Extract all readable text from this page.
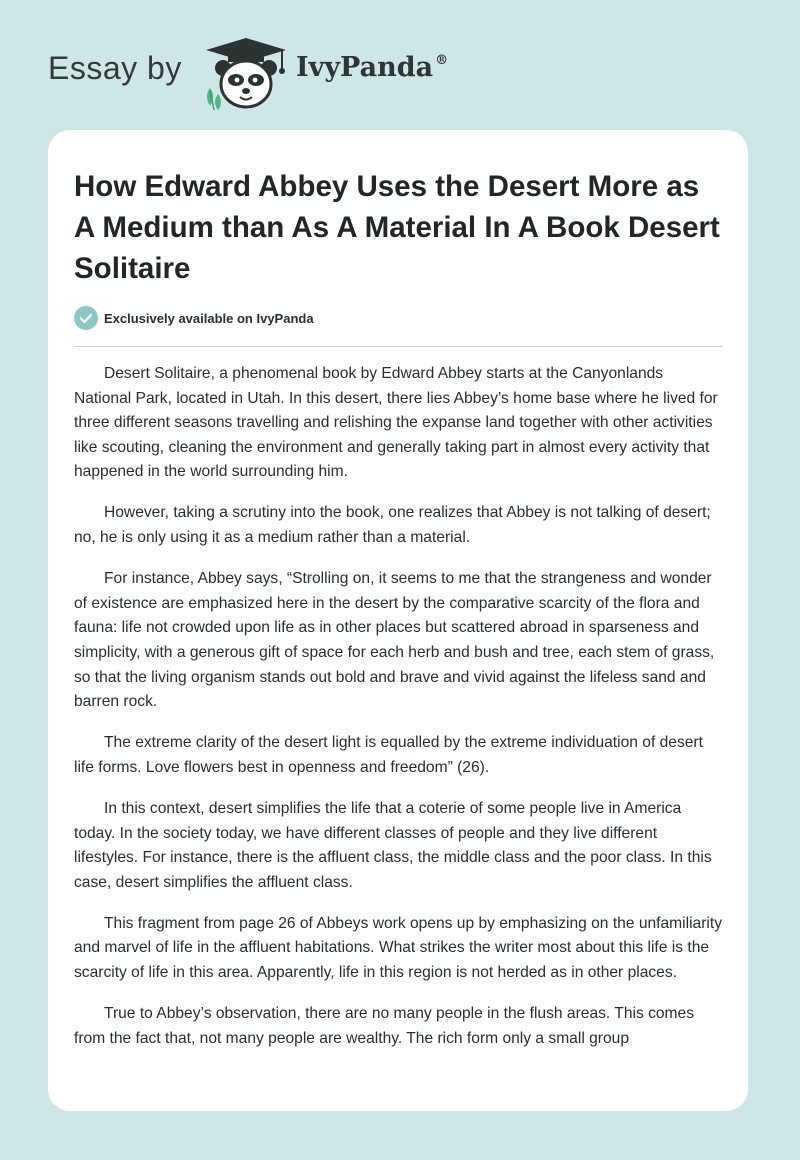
Essay by	IvyPanda ®
How Edward Abbey Uses the Desert More as A Medium than As A Material In A Book Desert Solitaire
Exclusively available on IvyPanda

Desert Solitaire, a phenomenal book by Edward Abbey starts at the Canyonlands National Park, located in Utah. In this desert, there lies Abbey’s home base where he lived for three different seasons travelling and relishing the expanse land together with other activities like scouting, cleaning the environment and generally taking part in almost every activity that happened in the world surrounding him.

However, taking a scrutiny into the book, one realizes that Abbey is not talking of desert; no, he is only using it as a medium rather than a material.

For instance, Abbey says, “Strolling on, it seems to me that the strangeness and wonder of existence are emphasized here in the desert by the comparative scarcity of the flora and fauna: life not crowded upon life as in other places but scattered abroad in sparseness and simplicity, with a generous gift of space for each herb and bush and tree, each stem of grass, so that the living organism stands out bold and brave and vivid against the lifeless sand and barren rock.

The extreme clarity of the desert light is equalled by the extreme individuation of desert life forms. Love flowers best in openness and freedom” (26).

In this context, desert simplifies the life that a coterie of some people live in America today. In the society today, we have different classes of people and they live different lifestyles. For instance, there is the affluent class, the middle class and the poor class. In this case, desert simplifies the affluent class.

This fragment from page 26 of Abbeys work opens up by emphasizing on the unfamiliarity and marvel of life in the affluent habitations. What strikes the writer most about this life is the scarcity of life in this area. Apparently, life in this region is not herded as in other places.

True to Abbey’s observation, there are no many people in the flush areas. This comes from the fact that, not many people are wealthy. The rich form only a small group
